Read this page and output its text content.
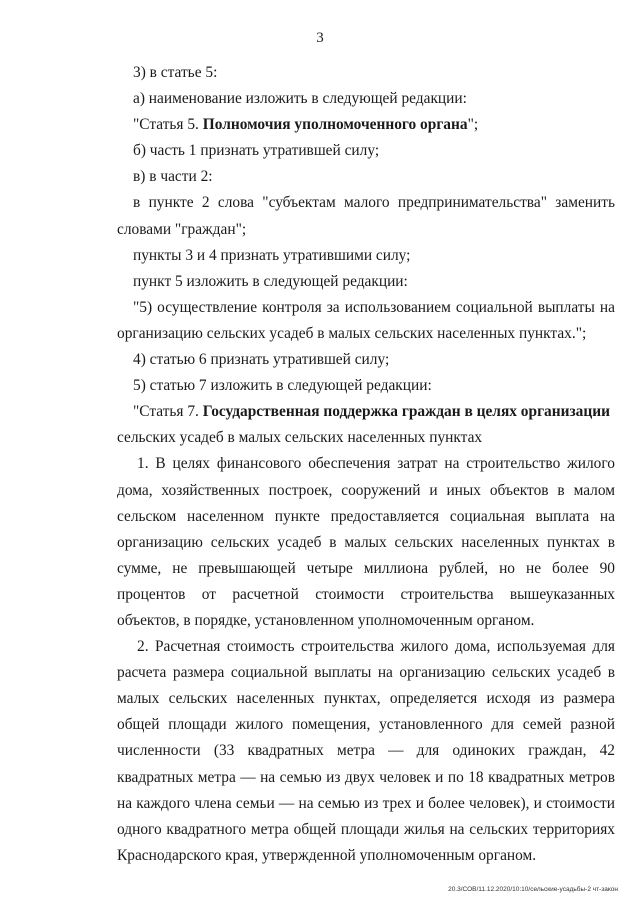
3

3) в статье 5:

а) наименование изложить в следующей редакции:

"Статья 5. Полномочия уполномоченного органа";

б) часть 1 признать утратившей силу;

в) в части 2:

в пункте 2 слова "субъектам малого предпринимательства" заменить словами "граждан";

пункты 3 и 4 признать утратившими силу;

пункт 5 изложить в следующей редакции:

"5) осуществление контроля за использованием социальной выплаты на организацию сельских усадеб в малых сельских населенных пунктах.";

4) статью 6 признать утратившей силу;

5) статью 7 изложить в следующей редакции:

"Статья 7. Государственная поддержка граждан в целях организации
сельских усадеб в малых сельских населенных пунктах

1. В целях финансового обеспечения затрат на строительство жилого дома, хозяйственных построек, сооружений и иных объектов в малом сельском населенном пункте предоставляется социальная выплата на организацию сельских усадеб в малых сельских населенных пунктах в сумме, не превышающей четыре миллиона рублей, но не более 90 процентов от расчетной стоимости строительства вышеуказанных объектов, в порядке, установленном уполномоченным органом.

2. Расчетная стоимость строительства жилого дома, используемая для расчета размера социальной выплаты на организацию сельских усадеб в малых сельских населенных пунктах, определяется исходя из размера общей площади жилого помещения, установленного для семей разной численности (33 квадратных метра — для одиноких граждан, 42 квадратных метра — на семью из двух человек и по 18 квадратных метров на каждого члена семьи — на семью из трех и более человек), и стоимости одного квадратного метра общей площади жилья на сельских территориях Краснодарского края, утвержденной уполномоченным органом.

20.3/СОВ/11.12.2020/10:10/сельские-усадьбы-2 чт-закон
